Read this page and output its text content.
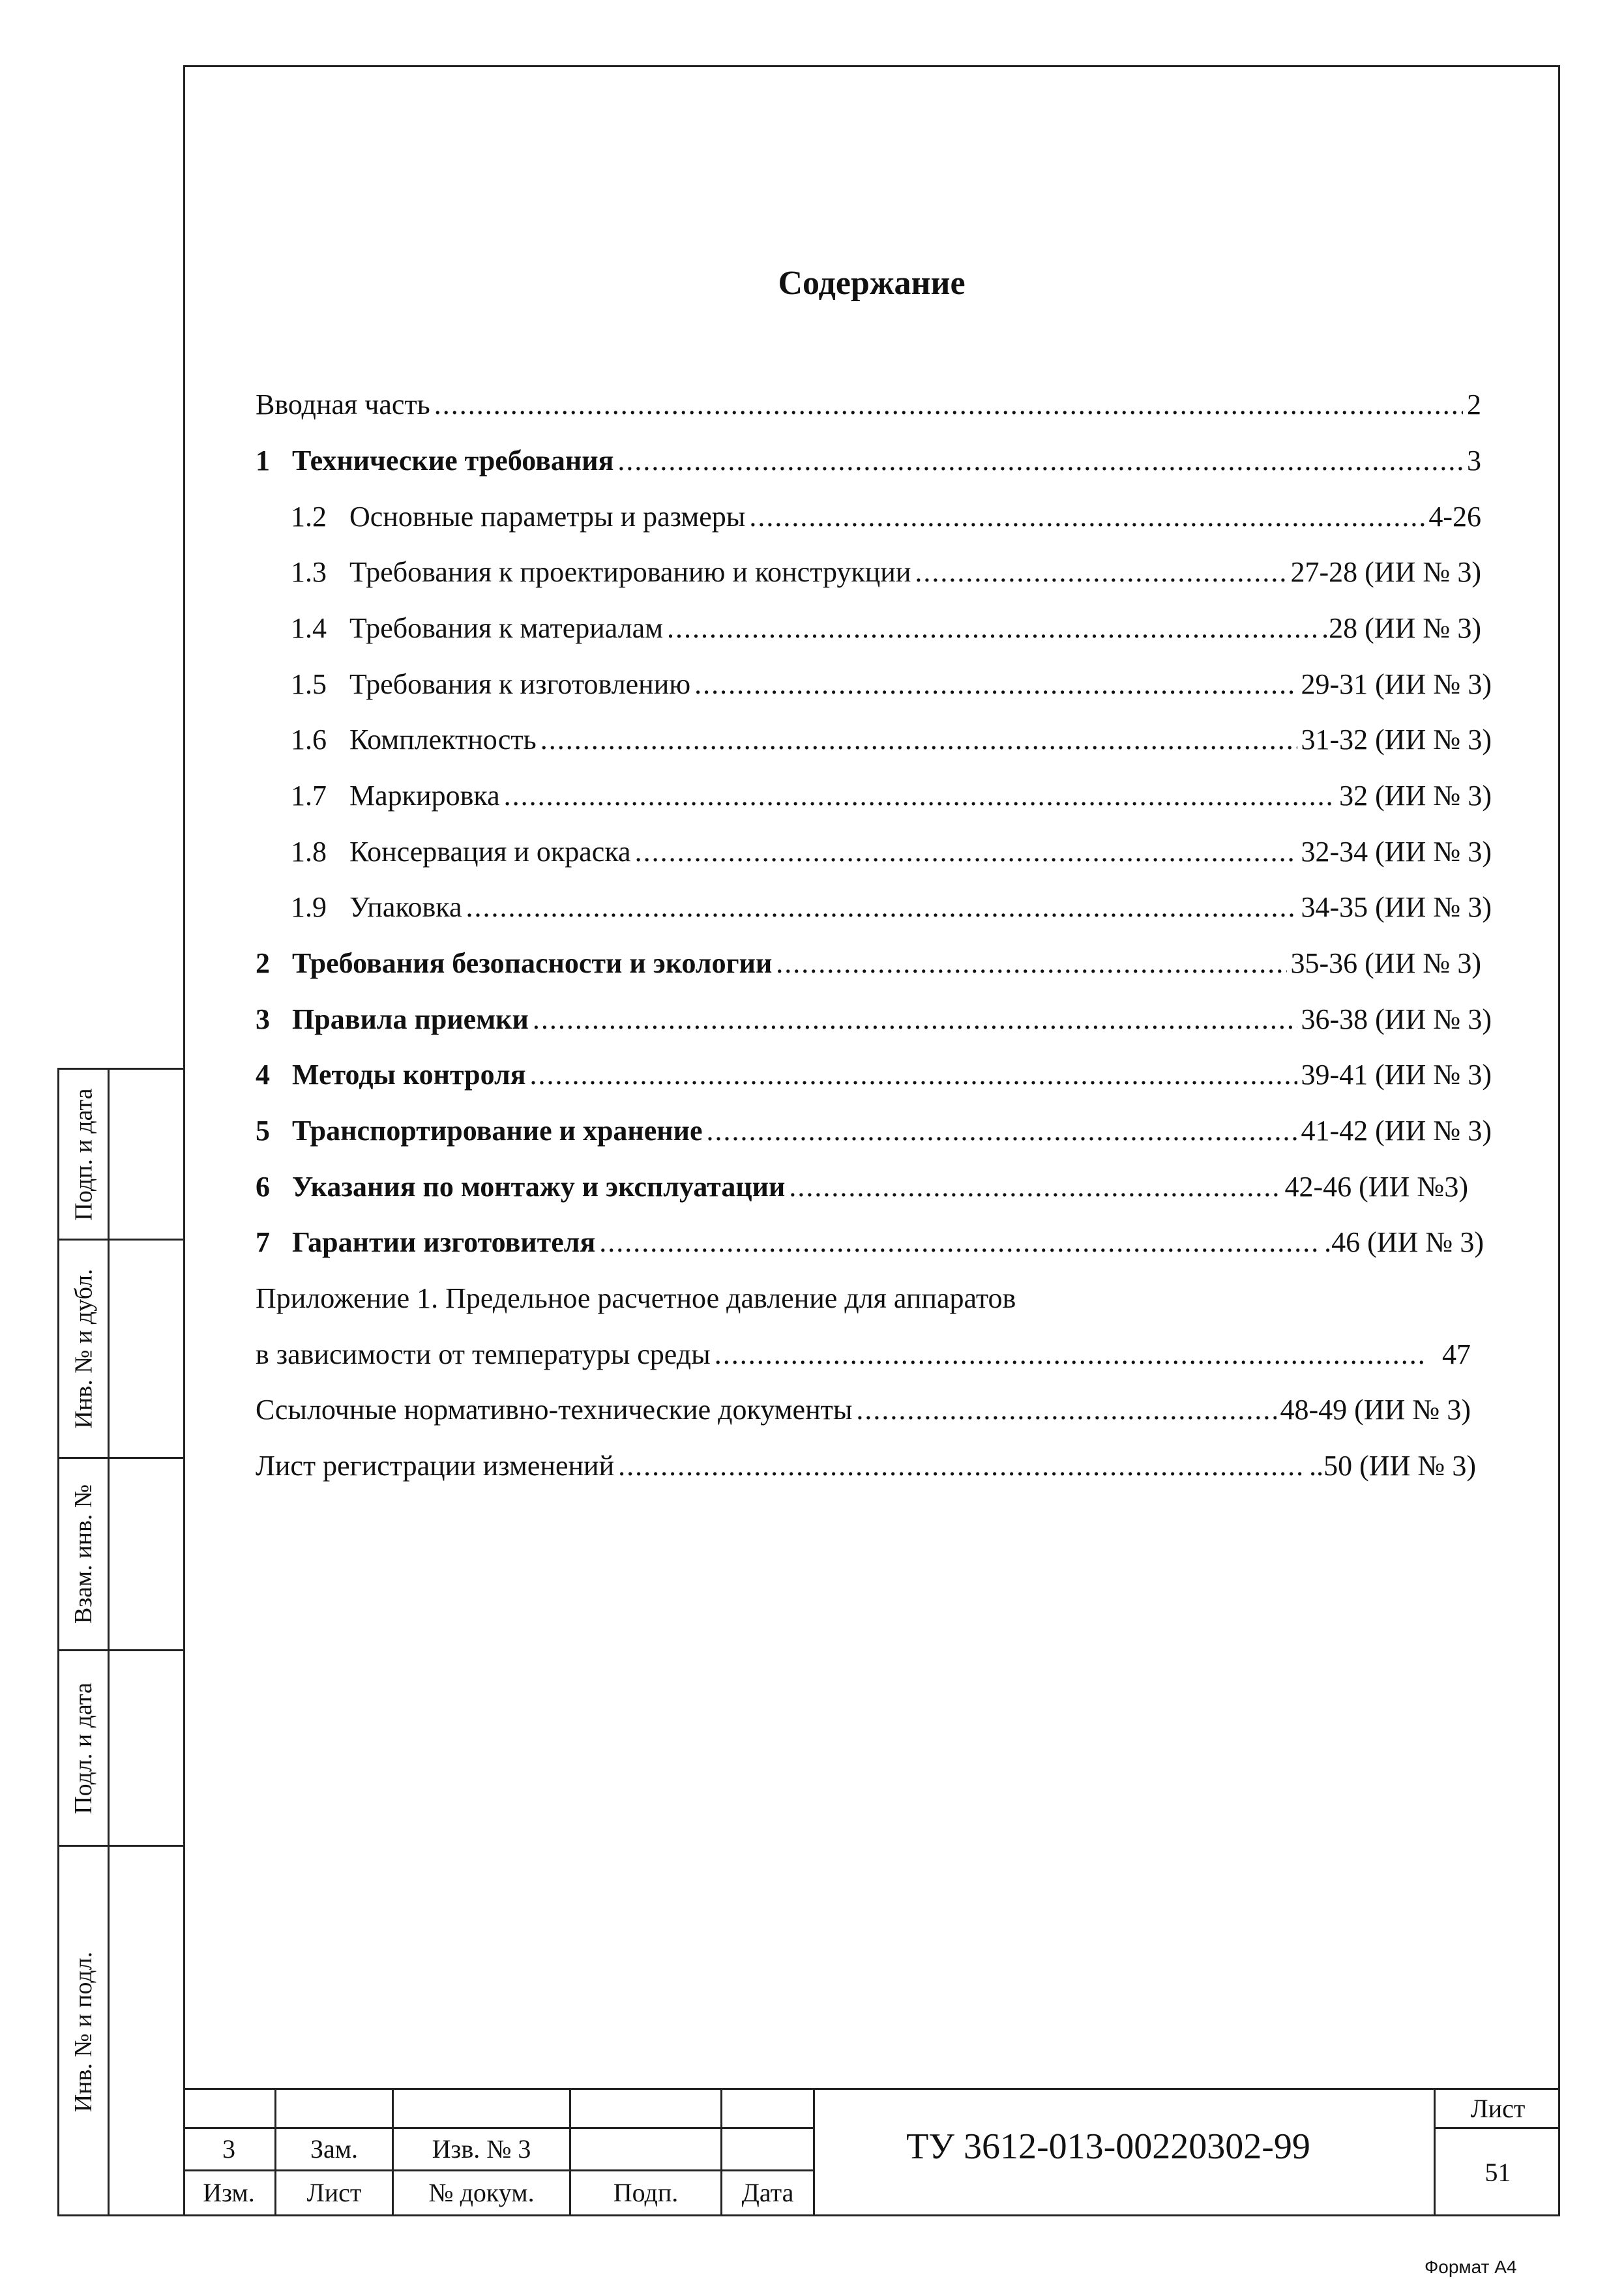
Подп. и дата
Инв. № и дубл.
Взам. инв. №
Подл. и дата
Инв. № и подл.
Содержание
Вводная часть .....	2
1 Технические требования .....	3
1.2 Основные параметры и размеры .....	4-26
1.3 Требования к проектированию и конструкции .....	27-28 (ИИ № 3)
1.4 Требования к материалам .....	.28 (ИИ № 3)
1.5 Требования к изготовлению .....	29-31 (ИИ № 3)
1.6 Комплектность .....	31-32 (ИИ № 3)
1.7 Маркировка .....	32 (ИИ № 3)
1.8 Консервация и окраска .....	32-34 (ИИ № 3)
1.9 Упаковка .....	34-35 (ИИ № 3)
2 Требования безопасности и экологии .....	35-36 (ИИ № 3)
3 Правила приемки .....	36-38 (ИИ № 3)
4 Методы контроля .....	39-41 (ИИ № 3)
5 Транспортирование и хранение .....	41-42 (ИИ № 3)
6 Указания по монтажу и эксплуатации .....	42-46 (ИИ №3)
7 Гарантии изготовителя .....	.46 (ИИ № 3)
Приложение 1. Предельное расчетное давление для аппаратов
в зависимости от температуры среды .....	47
Ссылочные нормативно-технические документы .....	48-49 (ИИ № 3)
Лист регистрации изменений .....	..50 (ИИ № 3)
3	Зам.	Изв. № 3
Изм.	Лист	№ докум.	Подп.	Дата
ТУ 3612-013-00220302-99
Лист
51
Формат А4
